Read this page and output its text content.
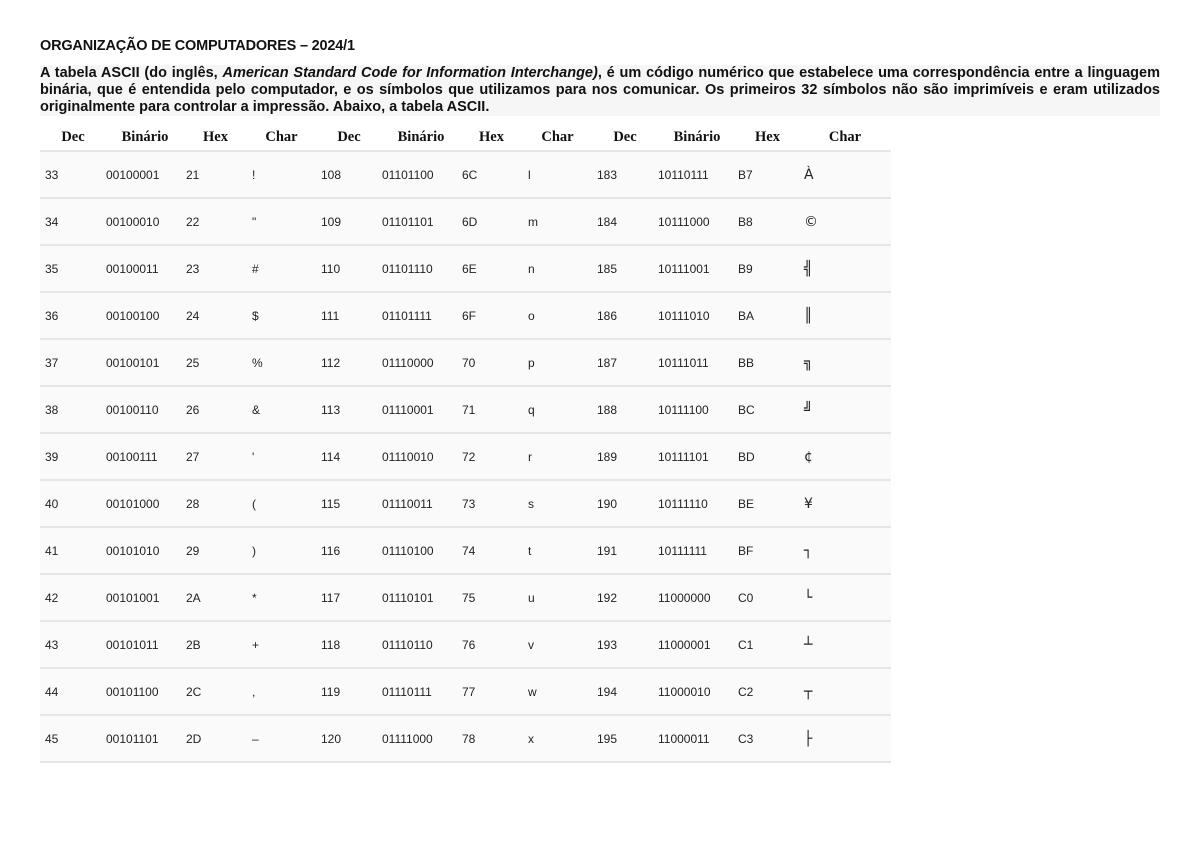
ORGANIZAÇÃO DE COMPUTADORES – 2024/1

A tabela ASCII (do inglês, American Standard Code for Information Interchange), é um código numérico que estabelece uma correspondência entre a linguagem binária, que é entendida pelo computador, e os símbolos que utilizamos para nos comunicar. Os primeiros 32 símbolos não são imprimíveis e eram utilizados originalmente para controlar a impressão. Abaixo, a tabela ASCII.

Dec	Binário	Hex	Char	Dec	Binário	Hex	Char	Dec	Binário	Hex	Char
33	00100001	21	!	108	01101100	6C	l	183	10110111	B7	À
34	00100010	22	"	109	01101101	6D	m	184	10111000	B8	©
35	00100011	23	#	110	01101110	6E	n	185	10111001	B9	╣
36	00100100	24	$	111	01101111	6F	o	186	10111010	BA	║
37	00100101	25	%	112	01110000	70	p	187	10111011	BB	╗
38	00100110	26	&	113	01110001	71	q	188	10111100	BC	╝
39	00100111	27	'	114	01110010	72	r	189	10111101	BD	¢
40	00101000	28	(	115	01110011	73	s	190	10111110	BE	¥
41	00101010	29	)	116	01110100	74	t	191	10111111	BF	┐
42	00101001	2A	*	117	01110101	75	u	192	11000000	C0	└
43	00101011	2B	+	118	01110110	76	v	193	11000001	C1	┴
44	00101100	2C	,	119	01110111	77	w	194	11000010	C2	┬
45	00101101	2D	–	120	01111000	78	x	195	11000011	C3	├
